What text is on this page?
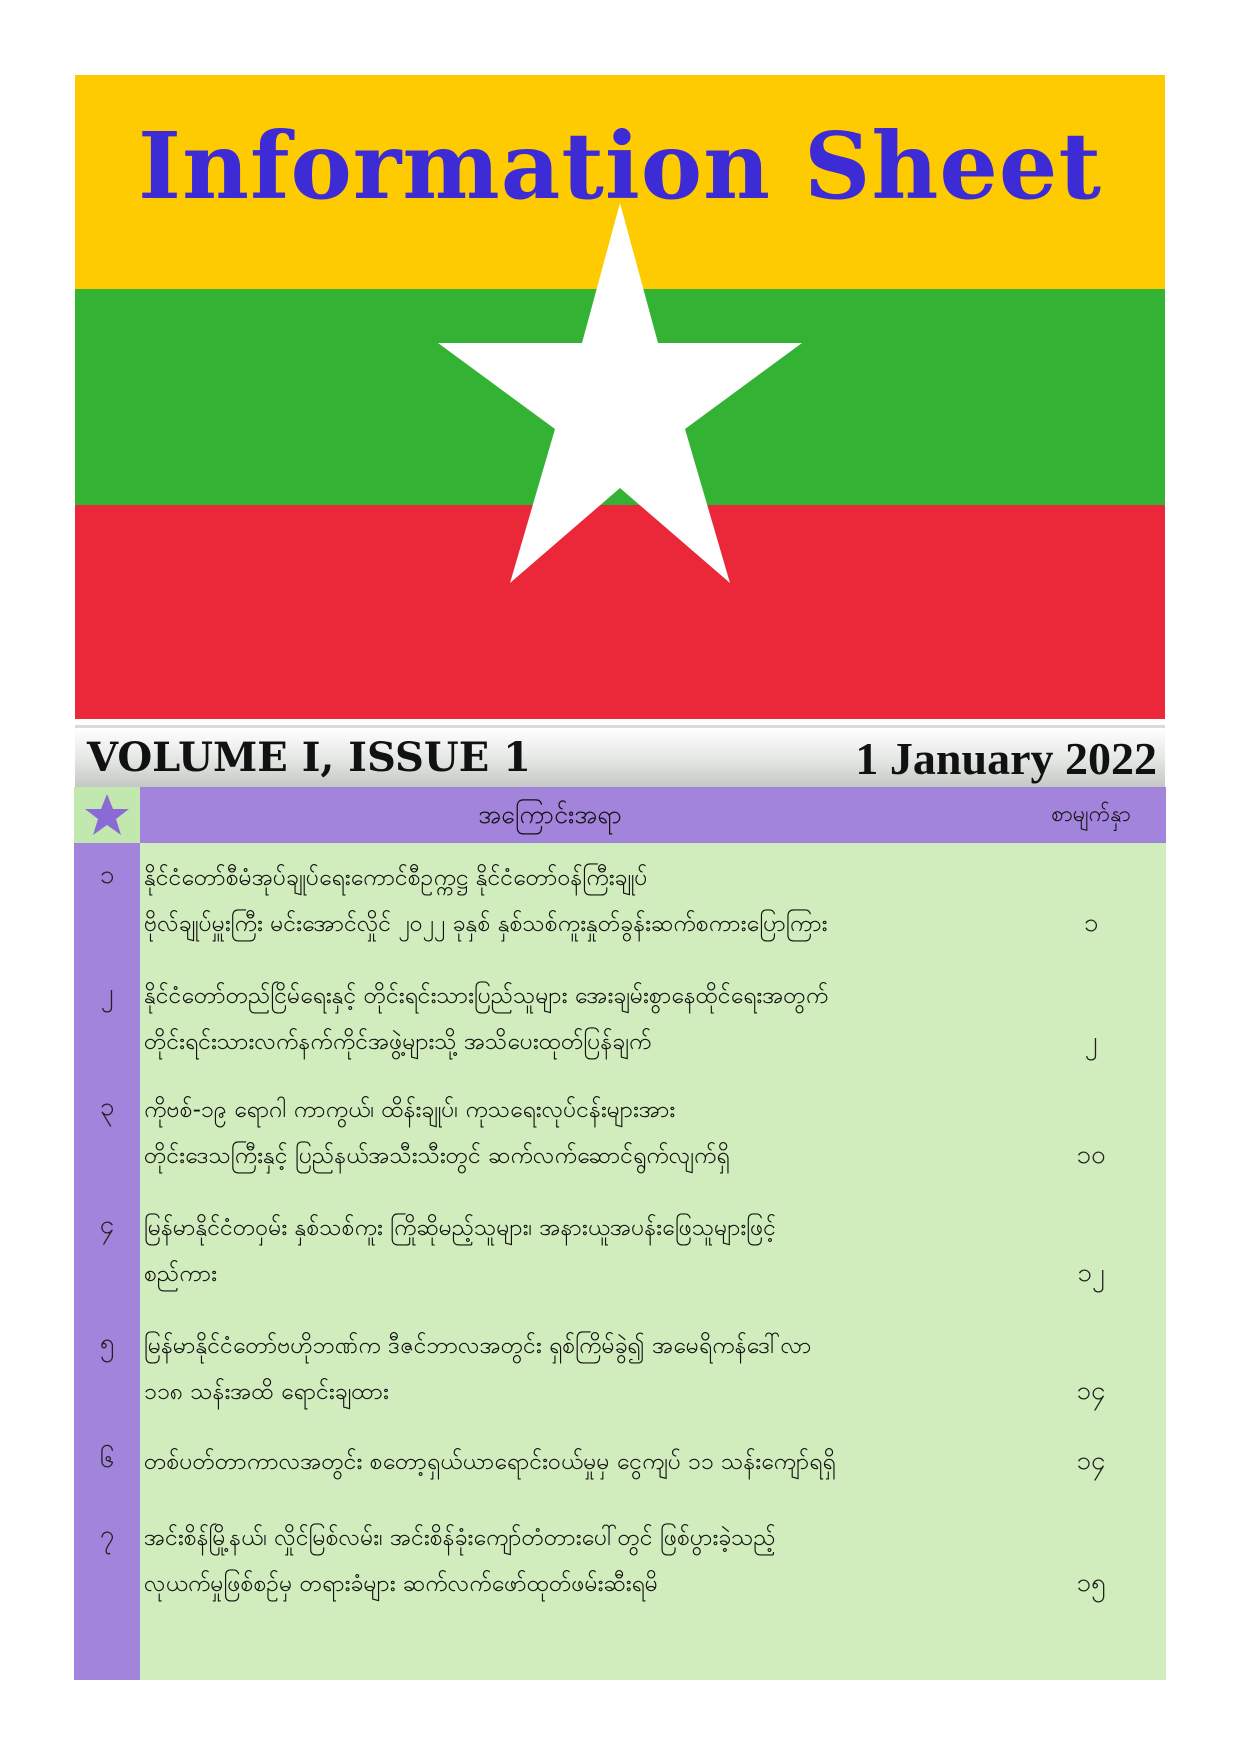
Information Sheet
VOLUME I, ISSUE 1	1 January 2022
အကြောင်းအရာ	စာမျက်နှာ
၁	နိုင်ငံတော်စီမံအုပ်ချုပ်ရေးကောင်စီဥက္ကဋ္ဌ နိုင်ငံတော်ဝန်ကြီးချုပ်
ဗိုလ်ချုပ်မှူးကြီး မင်းအောင်လှိုင် ၂၀၂၂ ခုနှစ် နှစ်သစ်ကူးနှုတ်ခွန်းဆက်စကားပြောကြား	၁
၂	နိုင်ငံတော်တည်ငြိမ်ရေးနှင့် တိုင်းရင်းသားပြည်သူများ အေးချမ်းစွာနေထိုင်ရေးအတွက်
တိုင်းရင်းသားလက်နက်ကိုင်အဖွဲ့များသို့ အသိပေးထုတ်ပြန်ချက်	၂
၃	ကိုဗစ်-၁၉ ရောဂါ ကာကွယ်၊ ထိန်းချုပ်၊ ကုသရေးလုပ်ငန်းများအား
တိုင်းဒေသကြီးနှင့် ပြည်နယ်အသီးသီးတွင် ဆက်လက်ဆောင်ရွက်လျက်ရှိ	၁၀
၄	မြန်မာနိုင်ငံတဝှမ်း နှစ်သစ်ကူး ကြိုဆိုမည့်သူများ၊ အနားယူအပန်းဖြေသူများဖြင့်
စည်ကား	၁၂
၅	မြန်မာနိုင်ငံတော်ဗဟိုဘဏ်က ဒီဇင်ဘာလအတွင်း ရှစ်ကြိမ်ခွဲ၍ အမေရိကန်ဒေါ်လာ
၁၁၈ သန်းအထိ ရောင်းချထား	၁၄
၆	တစ်ပတ်တာကာလအတွင်း စတော့ရှယ်ယာရောင်းဝယ်မှုမှ ငွေကျပ် ၁၁ သန်းကျော်ရရှိ	၁၄
၇	အင်းစိန်မြို့နယ်၊ လှိုင်မြစ်လမ်း၊ အင်းစိန်ခုံးကျော်တံတားပေါ်တွင် ဖြစ်ပွားခဲ့သည့်
လုယက်မှုဖြစ်စဉ်မှ တရားခံများ ဆက်လက်ဖော်ထုတ်ဖမ်းဆီးရမိ	၁၅
